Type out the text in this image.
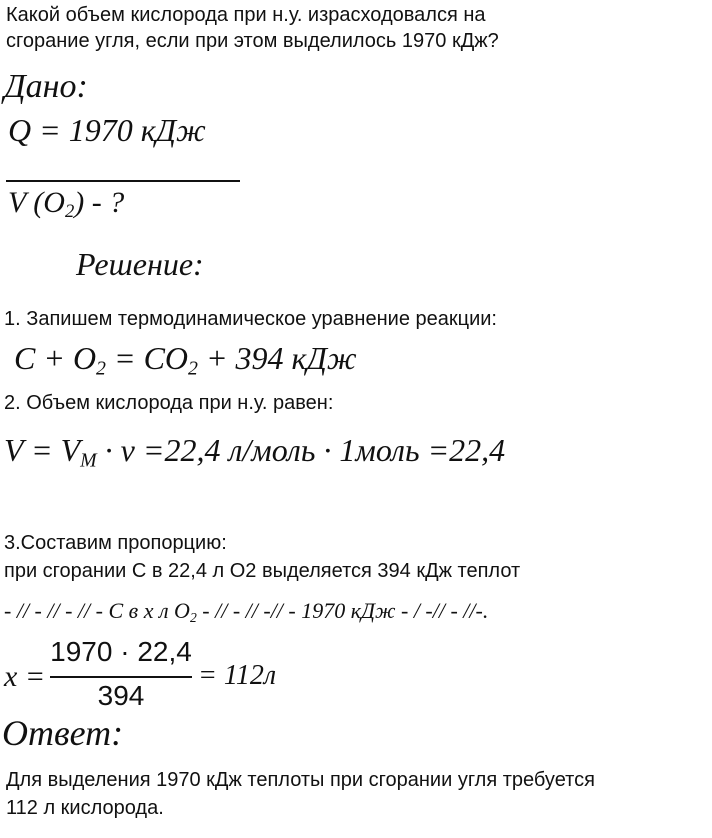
Какой объем кислорода при н.у. израсходовался на
сгорание угля, если при этом выделилось 1970 кДж?
Дано:
Q = 1970 кДж
V $(O_2)$ - ?
Решение:
1. Запишем термодинамическое уравнение реакции:
$C + O_2 = CO_2 + 394$ кДж
2. Объем кислорода при н.у. равен:
$V = V_M \cdot \nu =22,4$ л/моль · 1моль =22,4
3.Составим пропорцию:
при сгорании С в 22,4 л O2 выделяется 394 кДж теплот
- // - // - // - С в х л $O_2$ - // - // -// - 1970 кДж - / -// - //-.
x =
1970 · 22,4
394
= 112л
Ответ:
Для выделения 1970 кДж теплоты при сгорании угля требуется
112 л кислорода.
